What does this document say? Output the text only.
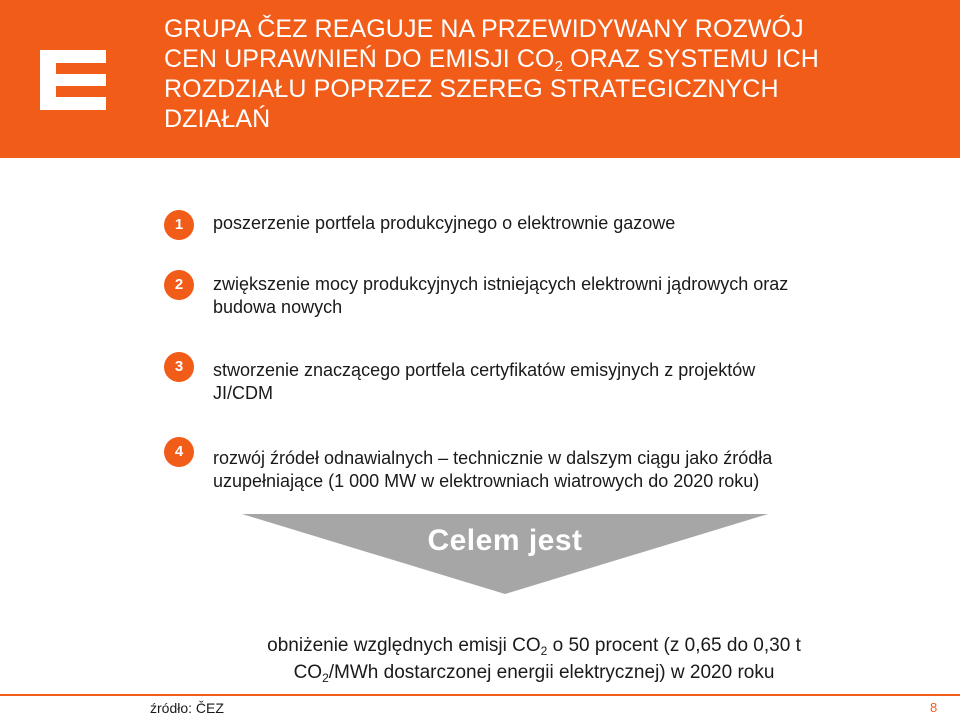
GRUPA ČEZ REAGUJE NA PRZEWIDYWANY ROZWÓJ
CEN UPRAWNIEŃ DO EMISJI $CO_2$ ORAZ SYSTEMU ICH
ROZDZIAŁU POPRZEZ SZEREG STRATEGICZNYCH
DZIAŁAŃ
1	poszerzenie portfela produkcyjnego o elektrownie gazowe
2	zwiększenie mocy produkcyjnych istniejących elektrowni jądrowych oraz budowa nowych
3	stworzenie znaczącego portfela certyfikatów emisyjnych z projektów JI/CDM
4	rozwój źródeł odnawialnych – technicznie w dalszym ciągu jako źródła uzupełniające (1 000 MW w elektrowniach wiatrowych do 2020 roku)
Celem jest
obniżenie względnych emisji $CO_2$ o 50 procent (z 0,65 do 0,30 t
$CO_2$/MWh dostarczonej energii elektrycznej) w 2020 roku
źródło: ČEZ	8
